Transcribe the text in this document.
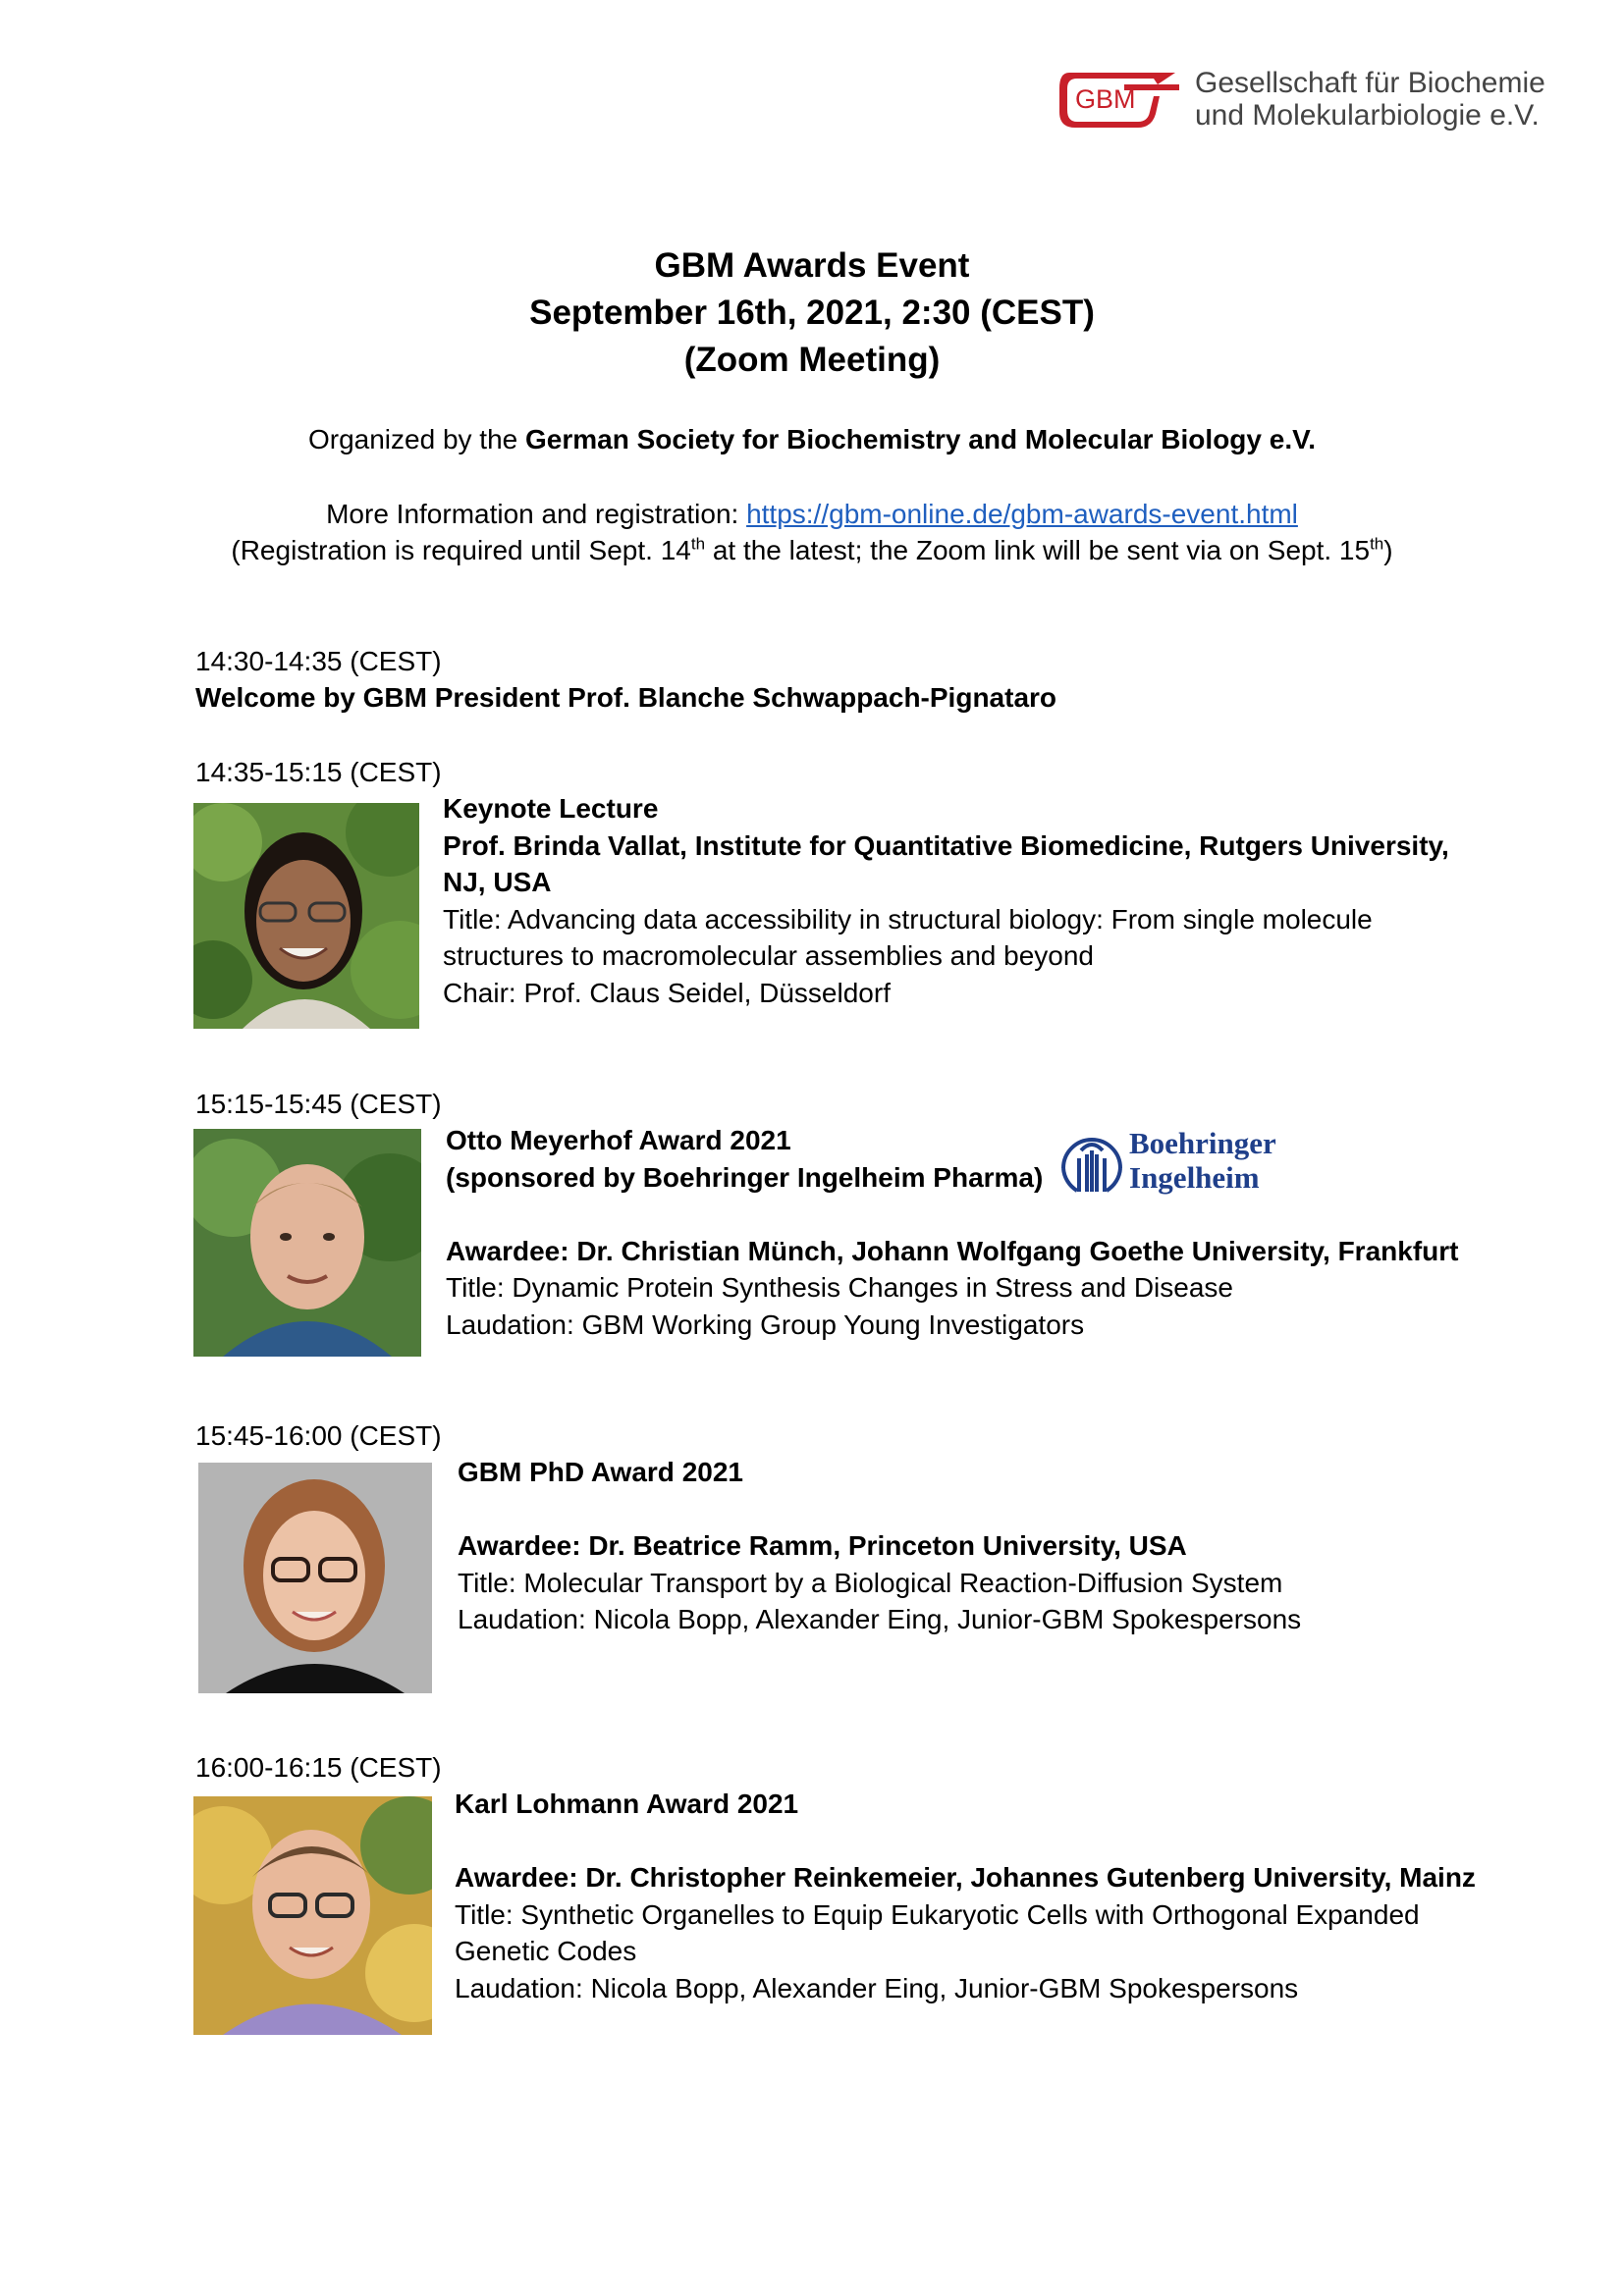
GBM Gesellschaft für Biochemie
und Molekularbiologie e.V.
GBM Awards Event
September 16th, 2021, 2:30 (CEST)
(Zoom Meeting)
Organized by the German Society for Biochemistry and Molecular Biology e.V.
More Information and registration: https://gbm-online.de/gbm-awards-event.html
(Registration is required until Sept. 14th at the latest; the Zoom link will be sent via on Sept. 15th)
14:30-14:35 (CEST)
Welcome by GBM President Prof. Blanche Schwappach-Pignataro
14:35-15:15 (CEST)
Keynote Lecture
Prof. Brinda Vallat, Institute for Quantitative Biomedicine, Rutgers University,
NJ, USA
Title: Advancing data accessibility in structural biology: From single molecule
structures to macromolecular assemblies and beyond
Chair: Prof. Claus Seidel, Düsseldorf
15:15-15:45 (CEST)
Otto Meyerhof Award 2021
(sponsored by Boehringer Ingelheim Pharma)
Awardee: Dr. Christian Münch, Johann Wolfgang Goethe University, Frankfurt
Title: Dynamic Protein Synthesis Changes in Stress and Disease
Laudation: GBM Working Group Young Investigators
Boehringer
Ingelheim
15:45-16:00 (CEST)
GBM PhD Award 2021
Awardee: Dr. Beatrice Ramm, Princeton University, USA
Title: Molecular Transport by a Biological Reaction-Diffusion System
Laudation: Nicola Bopp, Alexander Eing, Junior-GBM Spokespersons
16:00-16:15 (CEST)
Karl Lohmann Award 2021
Awardee: Dr. Christopher Reinkemeier, Johannes Gutenberg University, Mainz
Title: Synthetic Organelles to Equip Eukaryotic Cells with Orthogonal Expanded
Genetic Codes
Laudation: Nicola Bopp, Alexander Eing, Junior-GBM Spokespersons
